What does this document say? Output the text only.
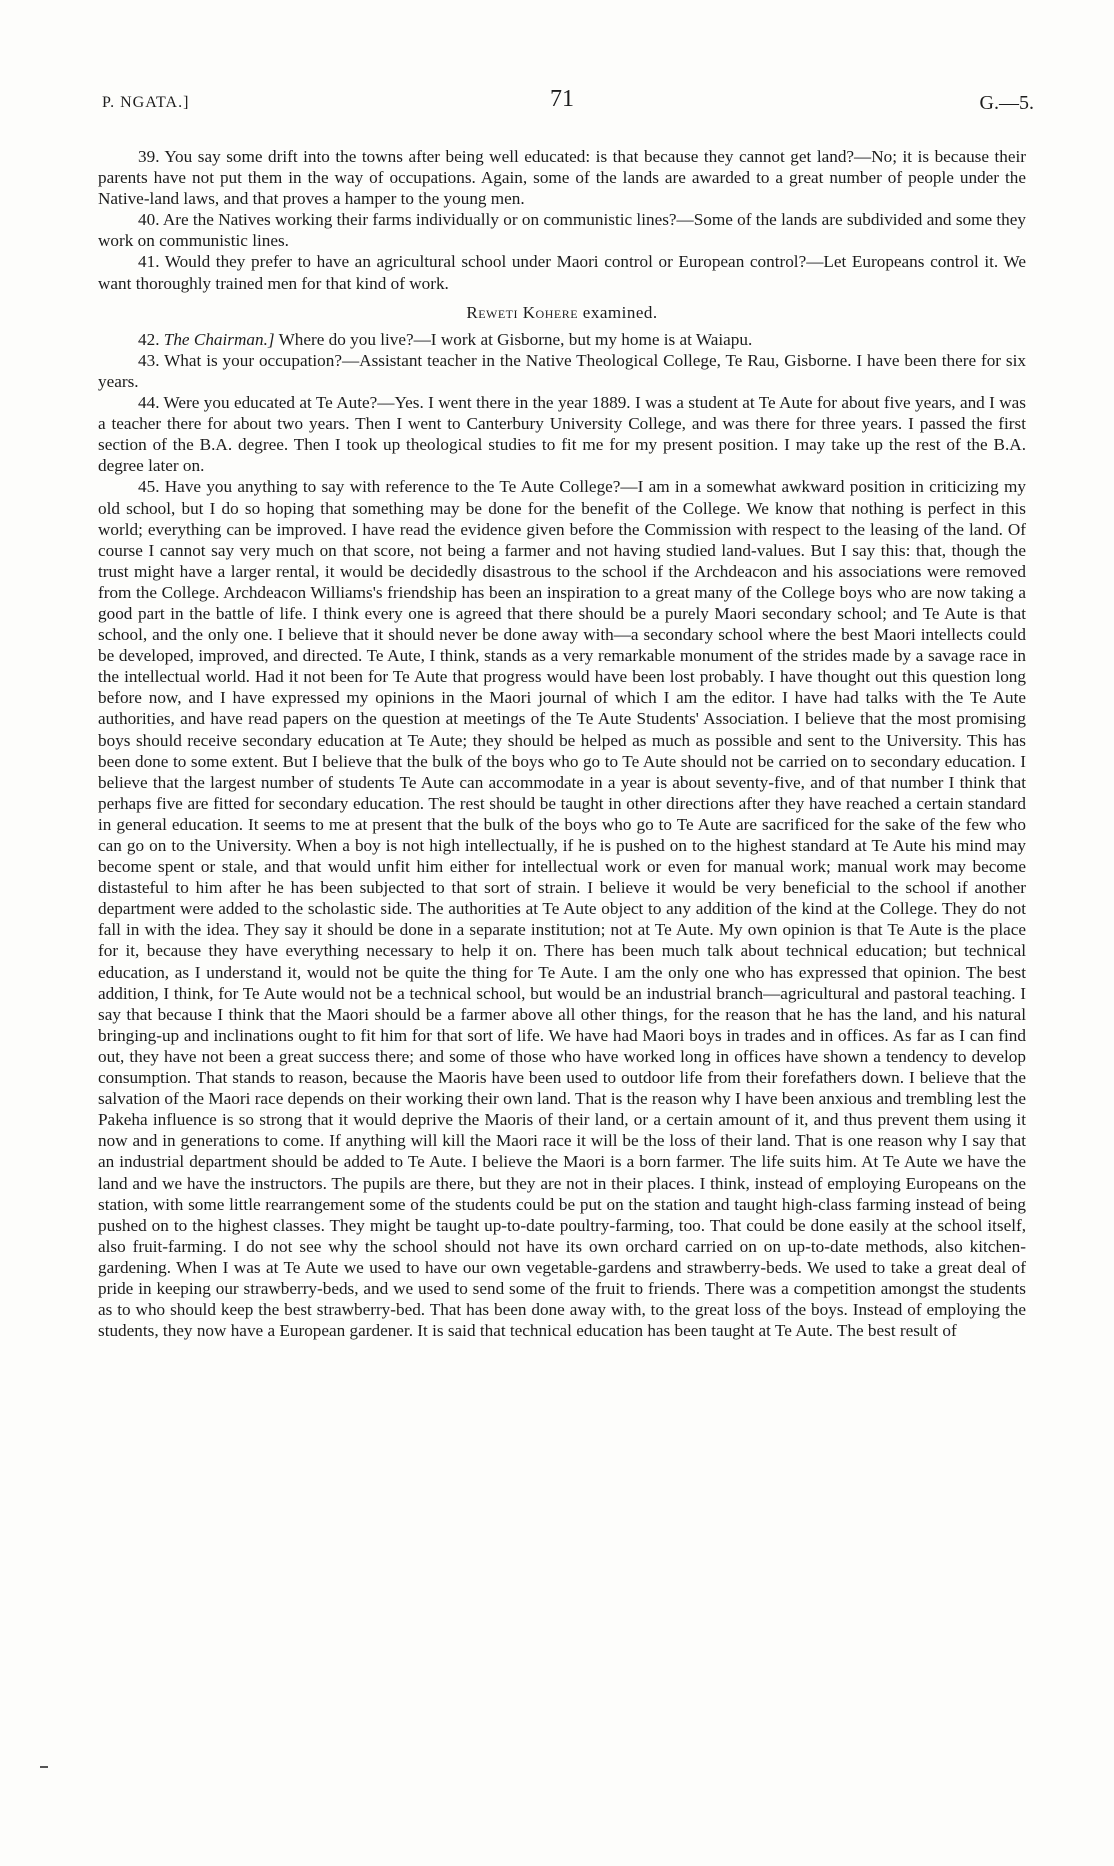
P. NGATA.]	71	G.—5.

39. You say some drift into the towns after being well educated: is that because they cannot get land?—No; it is because their parents have not put them in the way of occupations. Again, some of the lands are awarded to a great number of people under the Native-land laws, and that proves a hamper to the young men.

40. Are the Natives working their farms individually or on communistic lines?—Some of the lands are subdivided and some they work on communistic lines.

41. Would they prefer to have an agricultural school under Maori control or European control?—Let Europeans control it. We want thoroughly trained men for that kind of work.

Reweti Kohere examined.

42. The Chairman.] Where do you live?—I work at Gisborne, but my home is at Waiapu.

43. What is your occupation?—Assistant teacher in the Native Theological College, Te Rau, Gisborne. I have been there for six years.

44. Were you educated at Te Aute?—Yes. I went there in the year 1889. I was a student at Te Aute for about five years, and I was a teacher there for about two years. Then I went to Canterbury University College, and was there for three years. I passed the first section of the B.A. degree. Then I took up theological studies to fit me for my present position. I may take up the rest of the B.A. degree later on.

45. Have you anything to say with reference to the Te Aute College?—I am in a somewhat awkward position in criticizing my old school, but I do so hoping that something may be done for the benefit of the College. We know that nothing is perfect in this world; everything can be improved. I have read the evidence given before the Commission with respect to the leasing of the land. Of course I cannot say very much on that score, not being a farmer and not having studied land-values. But I say this: that, though the trust might have a larger rental, it would be decidedly disastrous to the school if the Archdeacon and his associations were removed from the College. Archdeacon Williams's friendship has been an inspiration to a great many of the College boys who are now taking a good part in the battle of life. I think every one is agreed that there should be a purely Maori secondary school; and Te Aute is that school, and the only one. I believe that it should never be done away with—a secondary school where the best Maori intellects could be developed, improved, and directed. Te Aute, I think, stands as a very remarkable monument of the strides made by a savage race in the intellectual world. Had it not been for Te Aute that progress would have been lost probably. I have thought out this question long before now, and I have expressed my opinions in the Maori journal of which I am the editor. I have had talks with the Te Aute authorities, and have read papers on the question at meetings of the Te Aute Students' Association. I believe that the most promising boys should receive secondary education at Te Aute; they should be helped as much as possible and sent to the University. This has been done to some extent. But I believe that the bulk of the boys who go to Te Aute should not be carried on to secondary education. I believe that the largest number of students Te Aute can accommodate in a year is about seventy-five, and of that number I think that perhaps five are fitted for secondary education. The rest should be taught in other directions after they have reached a certain standard in general education. It seems to me at present that the bulk of the boys who go to Te Aute are sacrificed for the sake of the few who can go on to the University. When a boy is not high intellectually, if he is pushed on to the highest standard at Te Aute his mind may become spent or stale, and that would unfit him either for intellectual work or even for manual work; manual work may become distasteful to him after he has been subjected to that sort of strain. I believe it would be very beneficial to the school if another department were added to the scholastic side. The authorities at Te Aute object to any addition of the kind at the College. They do not fall in with the idea. They say it should be done in a separate institution; not at Te Aute. My own opinion is that Te Aute is the place for it, because they have everything necessary to help it on. There has been much talk about technical education; but technical education, as I understand it, would not be quite the thing for Te Aute. I am the only one who has expressed that opinion. The best addition, I think, for Te Aute would not be a technical school, but would be an industrial branch—agricultural and pastoral teaching. I say that because I think that the Maori should be a farmer above all other things, for the reason that he has the land, and his natural bringing-up and inclinations ought to fit him for that sort of life. We have had Maori boys in trades and in offices. As far as I can find out, they have not been a great success there; and some of those who have worked long in offices have shown a tendency to develop consumption. That stands to reason, because the Maoris have been used to outdoor life from their forefathers down. I believe that the salvation of the Maori race depends on their working their own land. That is the reason why I have been anxious and trembling lest the Pakeha influence is so strong that it would deprive the Maoris of their land, or a certain amount of it, and thus prevent them using it now and in generations to come. If anything will kill the Maori race it will be the loss of their land. That is one reason why I say that an industrial department should be added to Te Aute. I believe the Maori is a born farmer. The life suits him. At Te Aute we have the land and we have the instructors. The pupils are there, but they are not in their places. I think, instead of employing Europeans on the station, with some little rearrangement some of the students could be put on the station and taught high-class farming instead of being pushed on to the highest classes. They might be taught up-to-date poultry-farming, too. That could be done easily at the school itself, also fruit-farming. I do not see why the school should not have its own orchard carried on on up-to-date methods, also kitchen-gardening. When I was at Te Aute we used to have our own vegetable-gardens and strawberry-beds. We used to take a great deal of pride in keeping our strawberry-beds, and we used to send some of the fruit to friends. There was a competition amongst the students as to who should keep the best strawberry-bed. That has been done away with, to the great loss of the boys. Instead of employing the students, they now have a European gardener. It is said that technical education has been taught at Te Aute. The best result of
